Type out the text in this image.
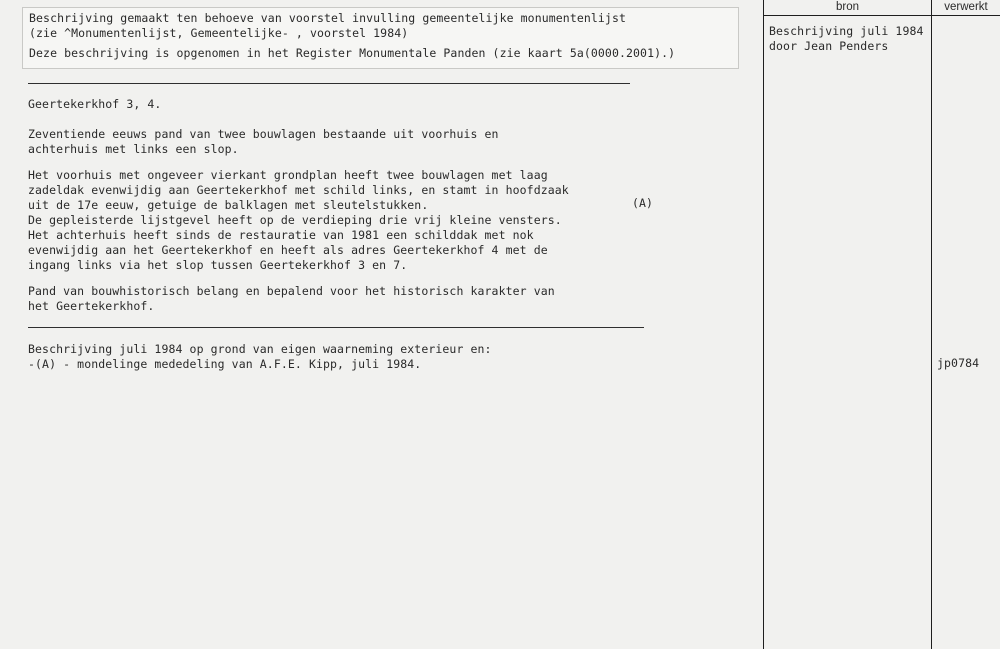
Beschrijving gemaakt ten behoeve van voorstel invulling gemeentelijke monumentenlijst
(zie ^Monumentenlijst, Gemeentelijke- , voorstel 1984)
Deze beschrijving is opgenomen in het Register Monumentale Panden (zie kaart 5a(0000.2001).)
Geertekerkhof 3, 4.
Zeventiende eeuws pand van twee bouwlagen bestaande uit voorhuis en
achterhuis met links een slop.
Het voorhuis met ongeveer vierkant grondplan heeft twee bouwlagen met laag
zadeldak evenwijdig aan Geertekerkhof met schild links, en stamt in hoofdzaak
uit de 17e eeuw, getuige de balklagen met sleutelstukken.
De gepleisterde lijstgevel heeft op de verdieping drie vrij kleine vensters.
Het achterhuis heeft sinds de restauratie van 1981 een schilddak met nok
evenwijdig aan het Geertekerkhof en heeft als adres Geertekerkhof 4 met de
ingang links via het slop tussen Geertekerkhof 3 en 7.
(A)
Pand van bouwhistorisch belang en bepalend voor het historisch karakter van
het Geertekerkhof.
Beschrijving juli 1984 op grond van eigen waarneming exterieur en:
-(A) - mondelinge mededeling van A.F.E. Kipp, juli 1984.
bron	verwerkt
Beschrijving juli 1984
door Jean Penders
jp0784
